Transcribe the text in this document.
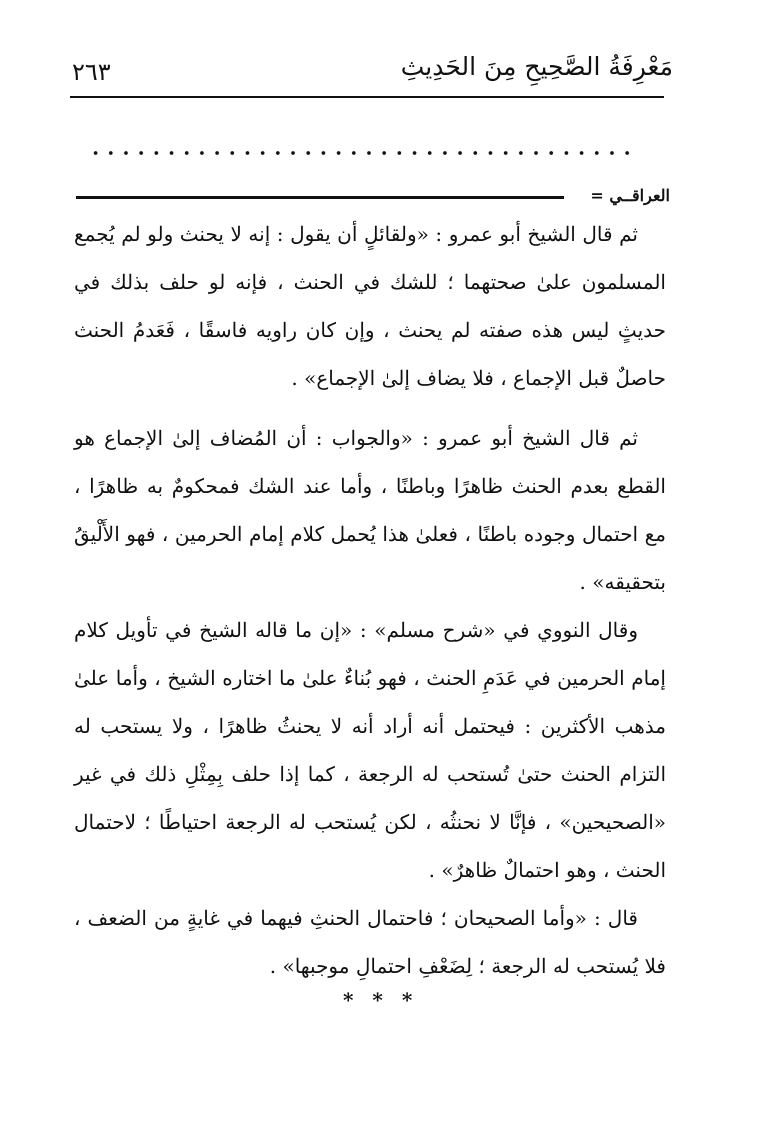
مَعْرِفَةُ الصَّحِيحِ مِنَ الحَدِيثِ
٢٦٣
العراقــي =

ثم قال الشيخ أبو عمرو : «ولقائلٍ أن يقول : إنه لا يحنث ولو لم يُجمع المسلمون علىٰ صحتهما ؛ للشك في الحنث ، فإنه لو حلف بذلك في حديثٍ ليس هذه صفته لم يحنث ، وإن كان راويه فاسقًا ، فَعَدمُ الحنث حاصلٌ قبل الإجماع ، فلا يضاف إلىٰ الإجماع» .

ثم قال الشيخ أبو عمرو : «والجواب : أن المُضاف إلىٰ الإجماع هو القطع بعدم الحنث ظاهرًا وباطنًا ، وأما عند الشك فمحكومٌ به ظاهرًا ، مع احتمال وجوده باطنًا ، فعلىٰ هذا يُحمل كلام إمام الحرمين ، فهو الأَلْيقُ بتحقيقه» .

وقال النووي في «شرح مسلم» : «إن ما قاله الشيخ في تأويل كلام إمام الحرمين في عَدَمِ الحنث ، فهو بُناءٌ علىٰ ما اختاره الشيخ ، وأما علىٰ مذهب الأكثرين : فيحتمل أنه أراد أنه لا يحنثُ ظاهرًا ، ولا يستحب له التزام الحنث حتىٰ تُستحب له الرجعة ، كما إذا حلف بِمِثْلِ ذلك في غير «الصحيحين» ، فإنَّا لا نحنثُه ، لكن يُستحب له الرجعة احتياطًا ؛ لاحتمال الحنث ، وهو احتمالٌ ظاهرٌ» .

قال : «وأما الصحيحان ؛ فاحتمال الحنثِ فيهما في غايةٍ من الضعف ، فلا يُستحب له الرجعة ؛ لِضَعْفِ احتمالِ موجبها» .

* * *
